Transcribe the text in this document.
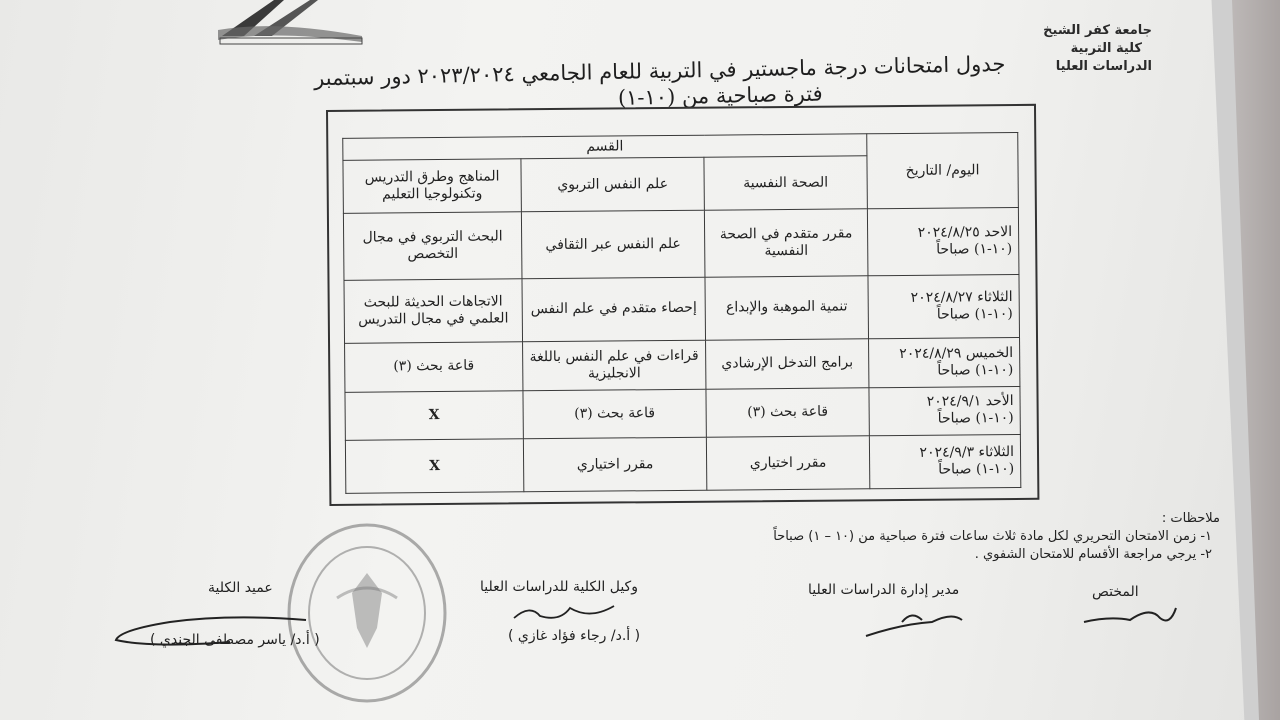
جامعة كفر الشيخ
كلية التربية
الدراسات العليا
جدول امتحانات درجة ماجستير في التربية للعام الجامعي ٢٠٢٣/٢٠٢٤ دور سبتمبر
فترة صباحية من (١٠-١)
اليوم/ التاريخ	القسم		
	الصحة النفسية	علم النفس التربوي	المناهج وطرق التدريس وتكنولوجيا التعليم

الاحد ٢٠٢٤/٨/٢٥
(١٠-١) صباحاً	مقرر متقدم في الصحة النفسية	علم النفس عبر الثقافي	البحث التربوي في مجال التخصص

الثلاثاء ٢٠٢٤/٨/٢٧
(١٠-١) صباحاً	تنمية الموهبة والإبداع	إحصاء متقدم في علم النفس	الاتجاهات الحديثة للبحث العلمي في مجال التدريس

الخميس ٢٠٢٤/٨/٢٩
(١٠-١) صباحاً	برامج التدخل الإرشادي	قراءات في علم النفس باللغة الانجليزية	قاعة بحث (٣)

الأحد ٢٠٢٤/٩/١
(١٠-١) صباحاً	قاعة بحث (٣)	قاعة بحث (٣)	X

الثلاثاء ٢٠٢٤/٩/٣
(١٠-١) صباحاً	مقرر اختياري	مقرر اختياري	X
ملاحظات :
١- زمن الامتحان التحريري لكل مادة ثلاث ساعات فترة صباحية من (١٠ – ١) صباحاً
٢- يرجي مراجعة الأقسام للامتحان الشفوي .
المختص
مدير إدارة الدراسات العليا
وكيل الكلية للدراسات العليا
( أ.د/ رجاء فؤاد غازي )
عميد الكلية
( أ.د/ ياسر مصطفى الجندي )
